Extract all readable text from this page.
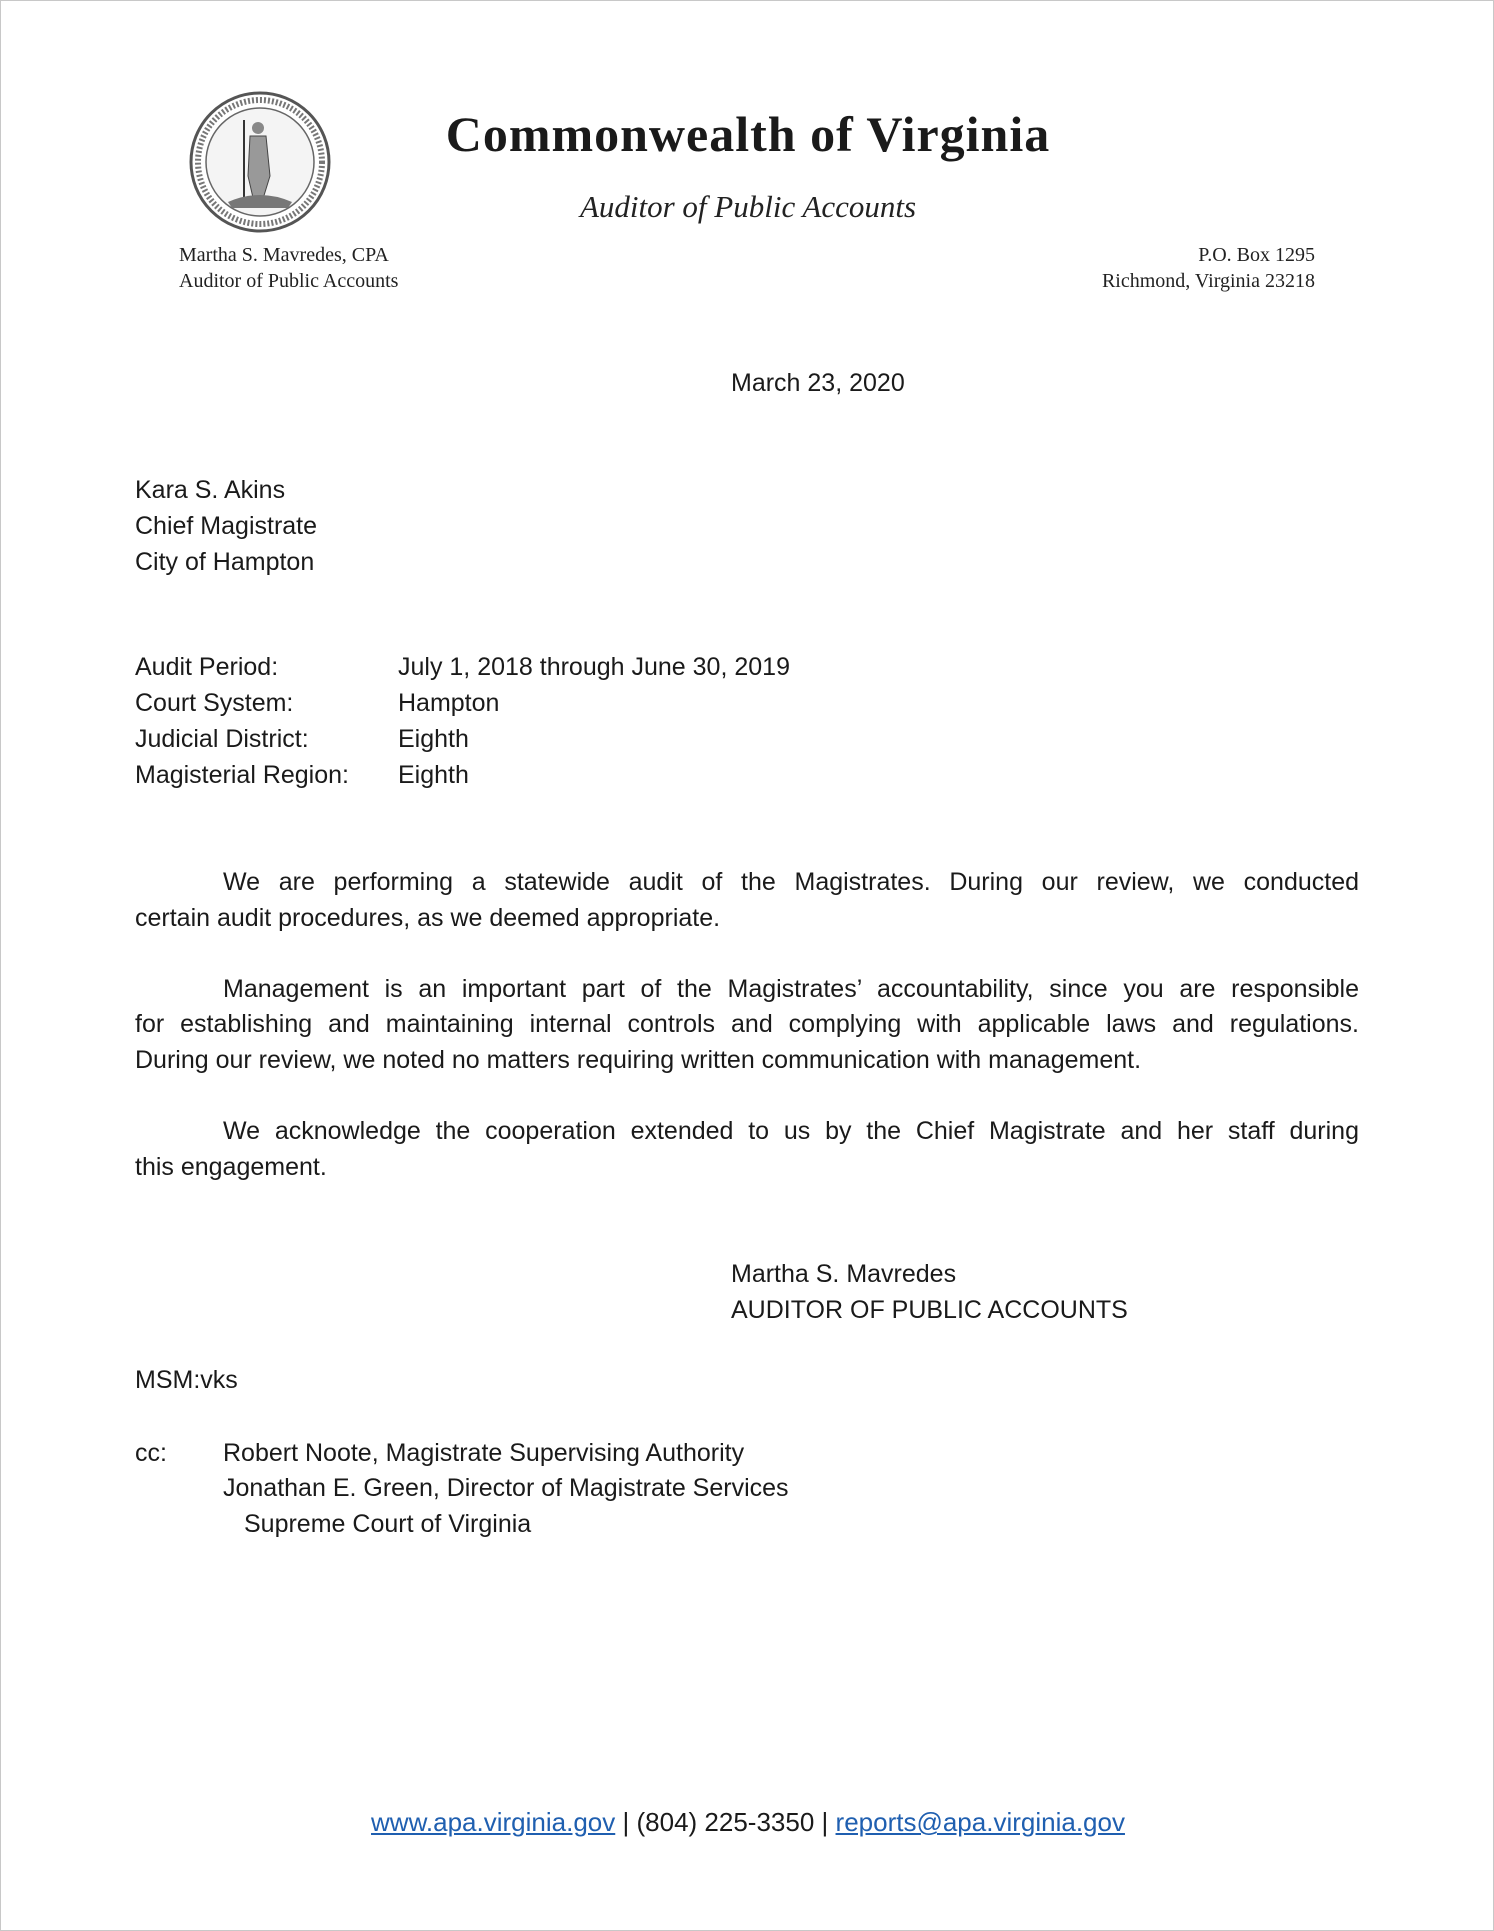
Commonwealth of Virginia
Auditor of Public Accounts
Martha S. Mavredes, CPA
Auditor of Public Accounts
P.O. Box 1295
Richmond, Virginia 23218
March 23, 2020
Kara S. Akins
Chief Magistrate
City of Hampton
Audit Period:	July 1, 2018 through June 30, 2019
Court System:	Hampton
Judicial District:	Eighth
Magisterial Region: Eighth
We are performing a statewide audit of the Magistrates. During our review, we conducted
certain audit procedures, as we deemed appropriate.
Management is an important part of the Magistrates’ accountability, since you are responsible
for establishing and maintaining internal controls and complying with applicable laws and regulations.
During our review, we noted no matters requiring written communication with management.
We acknowledge the cooperation extended to us by the Chief Magistrate and her staff during
this engagement.
Martha S. Mavredes
AUDITOR OF PUBLIC ACCOUNTS
MSM:vks
cc: Robert Noote, Magistrate Supervising Authority
Jonathan E. Green, Director of Magistrate Services
Supreme Court of Virginia
www.apa.virginia.gov | (804) 225-3350 | reports@apa.virginia.gov
